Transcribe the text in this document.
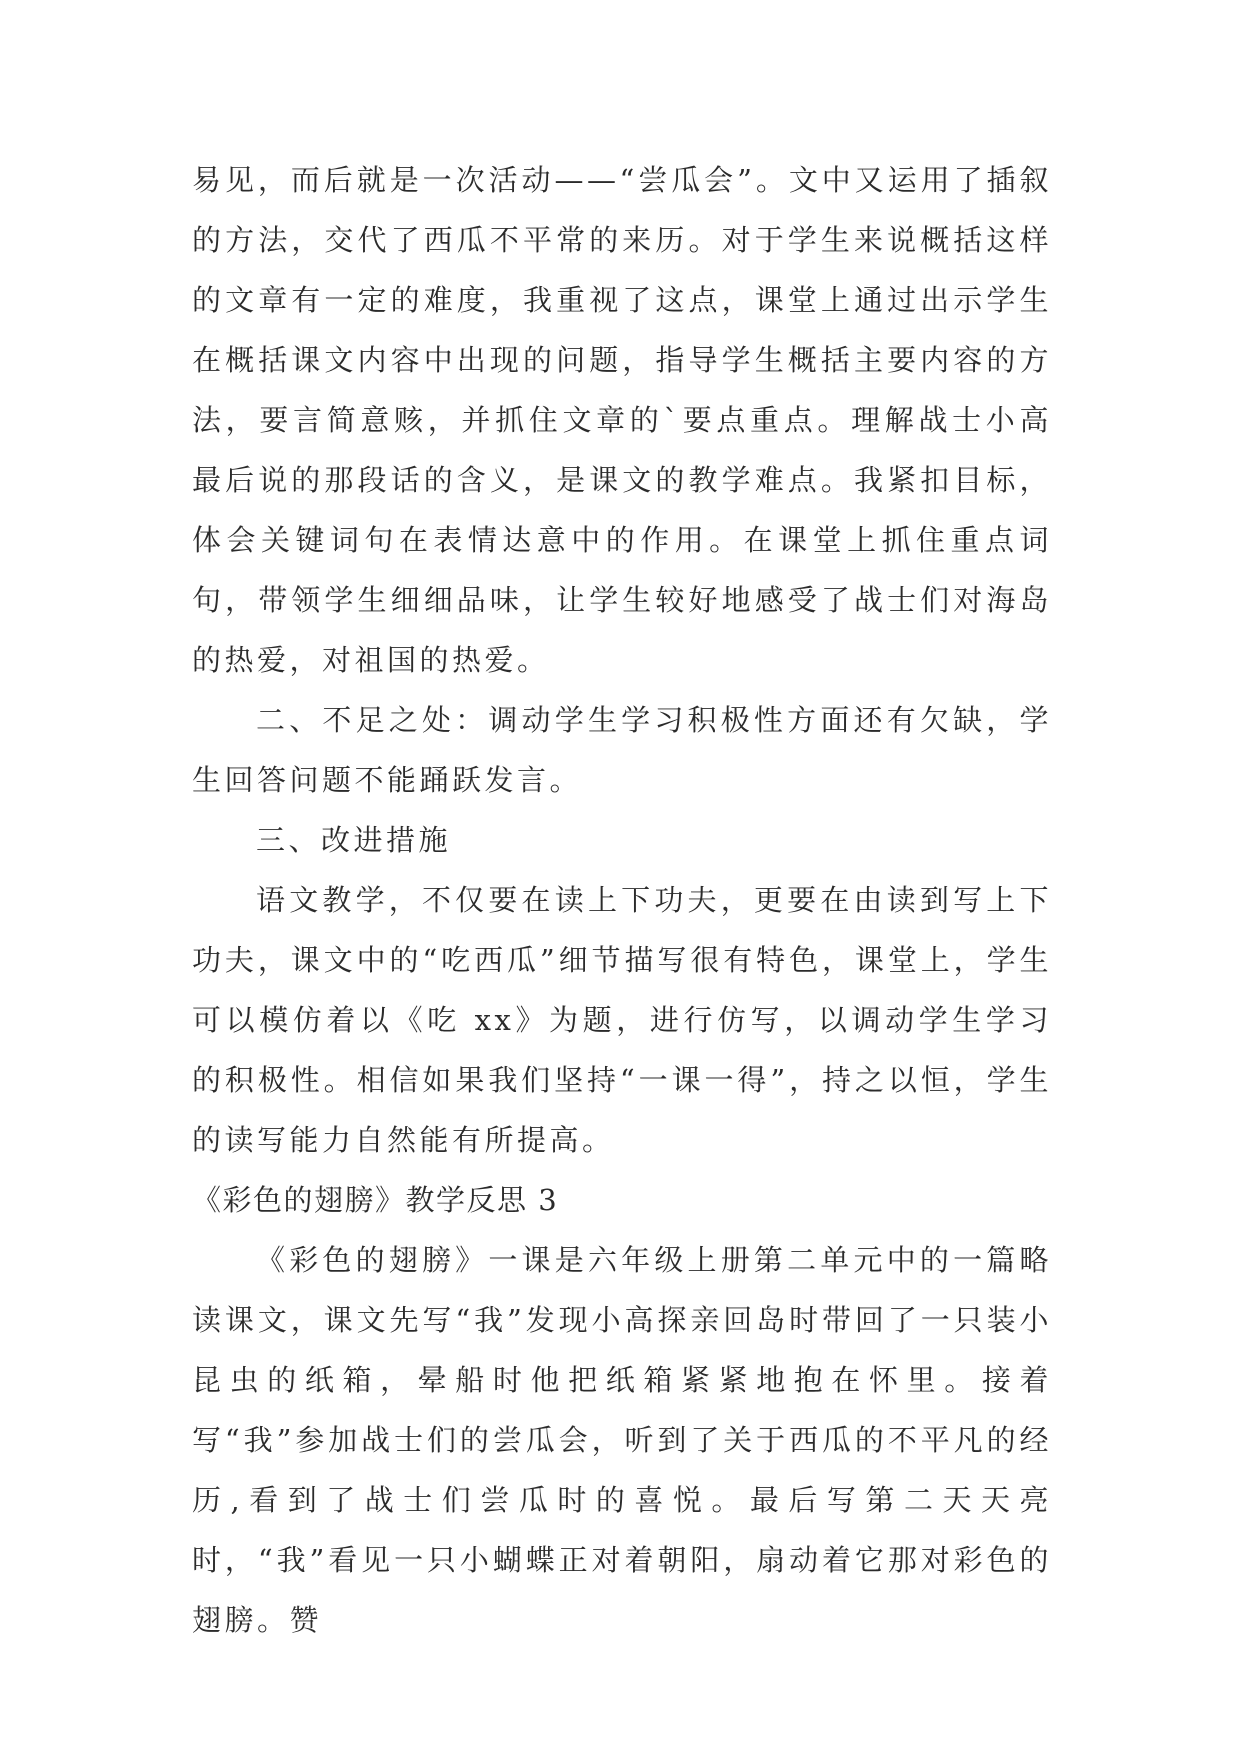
易见，而后就是一次活动——“尝瓜会”。文中又运用了插叙的方法，交代了西瓜不平常的来历。对于学生来说概括这样的文章有一定的难度，我重视了这点，课堂上通过出示学生在概括课文内容中出现的问题，指导学生概括主要内容的方法，要言简意赅，并抓住文章的`要点重点。理解战士小高最后说的那段话的含义，是课文的教学难点。我紧扣目标，体会关键词句在表情达意中的作用。在课堂上抓住重点词句，带领学生细细品味，让学生较好地感受了战士们对海岛的热爱，对祖国的热爱。

二、不足之处：调动学生学习积极性方面还有欠缺，学生回答问题不能踊跃发言。

三、改进措施

语文教学，不仅要在读上下功夫，更要在由读到写上下功夫，课文中的“吃西瓜”细节描写很有特色，课堂上，学生可以模仿着以《吃 xx》为题，进行仿写，以调动学生学习的积极性。相信如果我们坚持“一课一得”，持之以恒，学生的读写能力自然能有所提高。

《彩色的翅膀》教学反思 3

《彩色的翅膀》一课是六年级上册第二单元中的一篇略读课文，课文先写“我”发现小高探亲回岛时带回了一只装小昆虫的纸箱，晕船时他把纸箱紧紧地抱在怀里。接着写“我”参加战士们的尝瓜会，听到了关于西瓜的不平凡的经历,看到了战士们尝瓜时的喜悦。最后写第二天天亮时，“我”看见一只小蝴蝶正对着朝阳，扇动着它那对彩色的翅膀。赞
